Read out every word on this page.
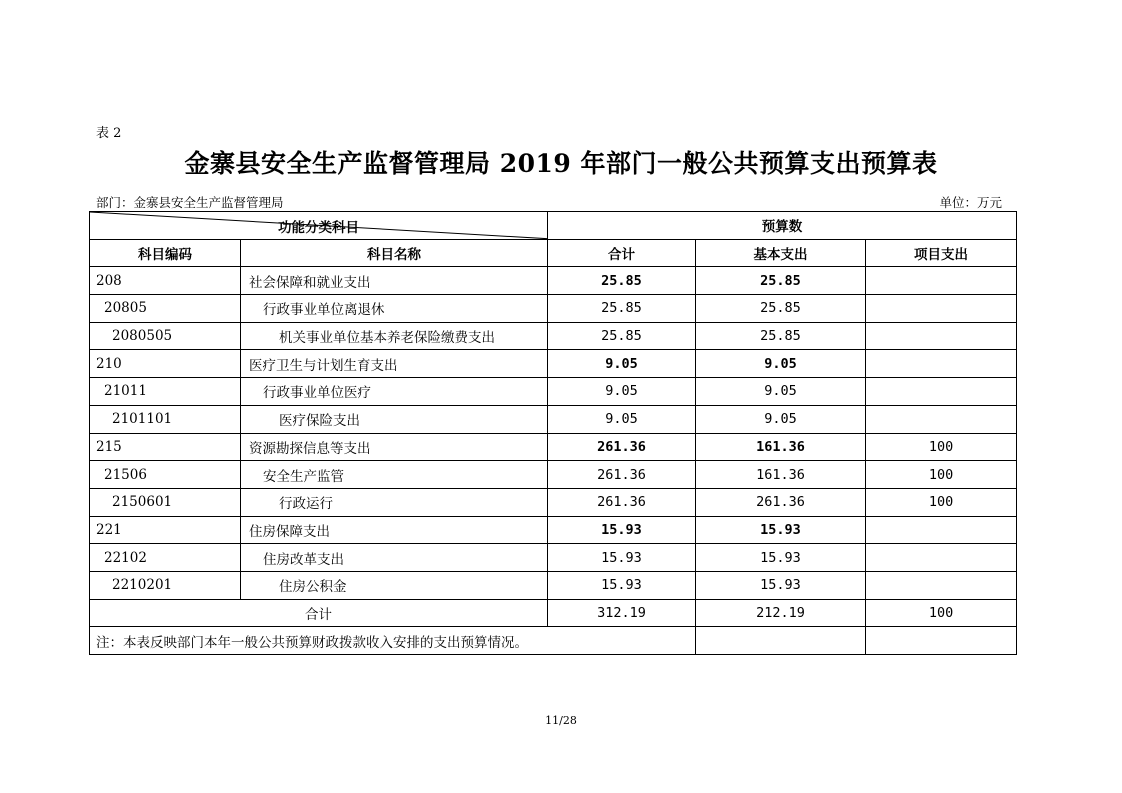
表 2
金寨县安全生产监督管理局 2019 年部门一般公共预算支出预算表
部门：金寨县安全生产监督管理局	单位：万元
功能分类科目		预算数		
科目编码	科目名称	合计	基本支出	项目支出
208	社会保障和就业支出	25.85	25.85	
20805	行政事业单位离退休	25.85	25.85	
2080505	机关事业单位基本养老保险缴费支出	25.85	25.85	
210	医疗卫生与计划生育支出	9.05	9.05	
21011	行政事业单位医疗	9.05	9.05	
2101101	医疗保险支出	9.05	9.05	
215	资源勘探信息等支出	261.36	161.36	100
21506	安全生产监管	261.36	161.36	100
2150601	行政运行	261.36	261.36	100
221	住房保障支出	15.93	15.93	
22102	住房改革支出	15.93	15.93	
2210201	住房公积金	15.93	15.93	
合计		312.19	212.19	100
注：本表反映部门本年一般公共预算财政拨款收入安排的支出预算情况。				
11/28
